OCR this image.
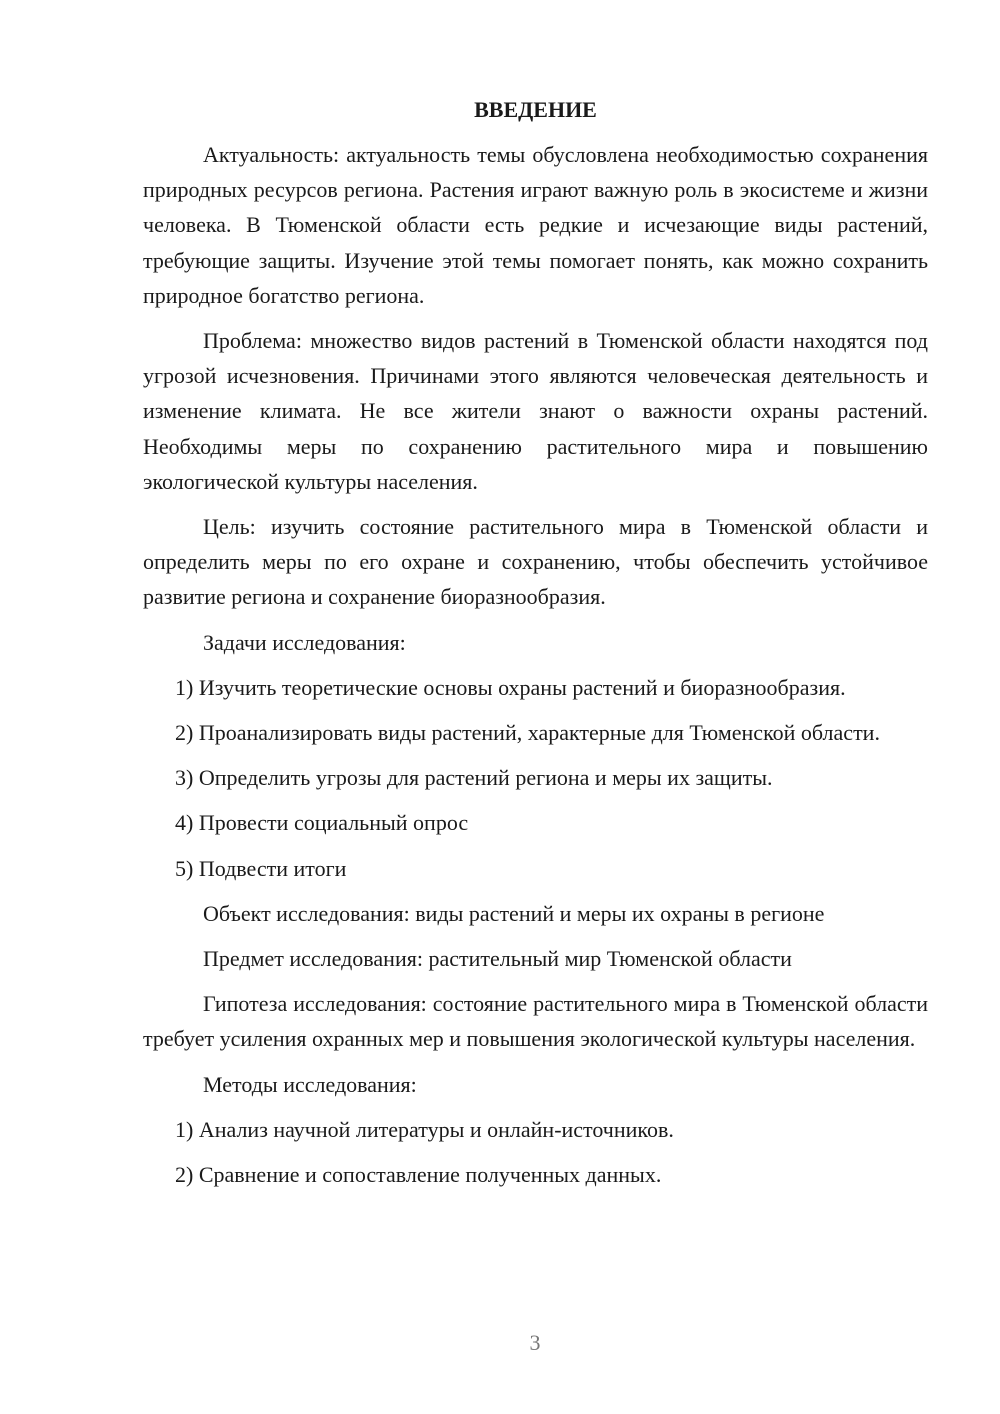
ВВЕДЕНИЕ

Актуальность: актуальность темы обусловлена необходимостью сохранения природных ресурсов региона. Растения играют важную роль в экосистеме и жизни человека. В Тюменской области есть редкие и исчезающие виды растений, требующие защиты. Изучение этой темы помогает понять, как можно сохранить природное богатство региона.

Проблема: множество видов растений в Тюменской области находятся под угрозой исчезновения. Причинами этого являются человеческая деятельность и изменение климата. Не все жители знают о важности охраны растений. Необходимы меры по сохранению растительного мира и повышению экологической культуры населения.

Цель: изучить состояние растительного мира в Тюменской области и определить меры по его охране и сохранению, чтобы обеспечить устойчивое развитие региона и сохранение биоразнообразия.

Задачи исследования:

1) Изучить теоретические основы охраны растений и биоразнообразия.

2) Проанализировать виды растений, характерные для Тюменской области.

3) Определить угрозы для растений региона и меры их защиты.

4) Провести социальный опрос

5) Подвести итоги

Объект исследования: виды растений и меры их охраны в регионе

Предмет исследования: растительный мир Тюменской области

Гипотеза исследования: состояние растительного мира в Тюменской области требует усиления охранных мер и повышения экологической культуры населения.

Методы исследования:

1) Анализ научной литературы и онлайн-источников.

2) Сравнение и сопоставление полученных данных.

3
